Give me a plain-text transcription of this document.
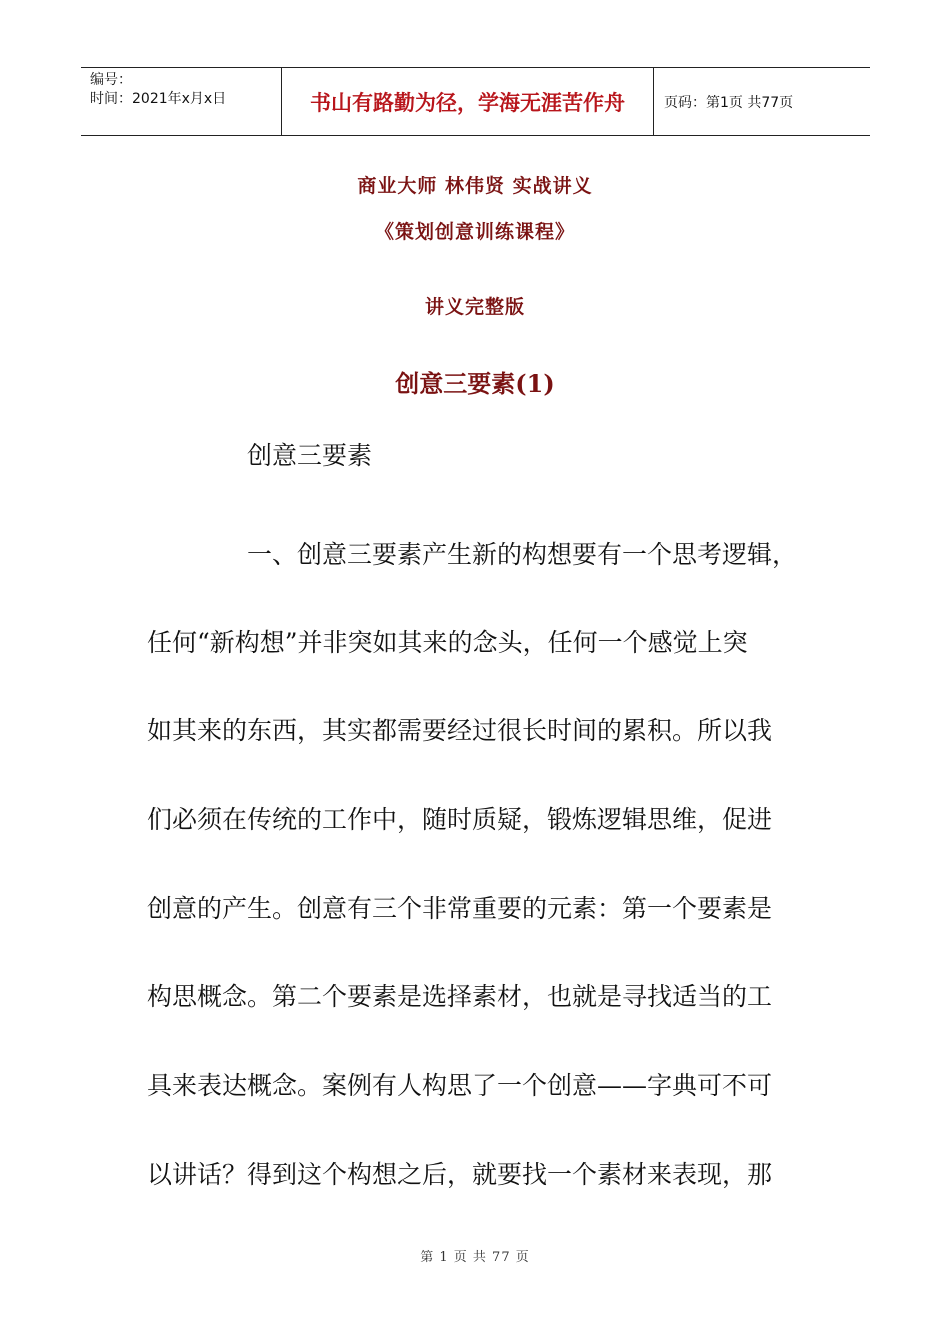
编号：
时间：2021年x月x日	书山有路勤为径，学海无涯苦作舟	页码：第1页 共77页
商业大师 林伟贤 实战讲义
《策划创意训练课程》
讲义完整版
创意三要素(1)
创意三要素
一、创意三要素产生新的构想要有一个思考逻辑，
任何“新构想”并非突如其来的念头，任何一个感觉上突
如其来的东西，其实都需要经过很长时间的累积。所以我
们必须在传统的工作中，随时质疑，锻炼逻辑思维，促进
创意的产生。创意有三个非常重要的元素：第一个要素是
构思概念。第二个要素是选择素材，也就是寻找适当的工
具来表达概念。案例有人构思了一个创意——字典可不可
以讲话？得到这个构想之后，就要找一个素材来表现，那
第 1 页 共 77 页
